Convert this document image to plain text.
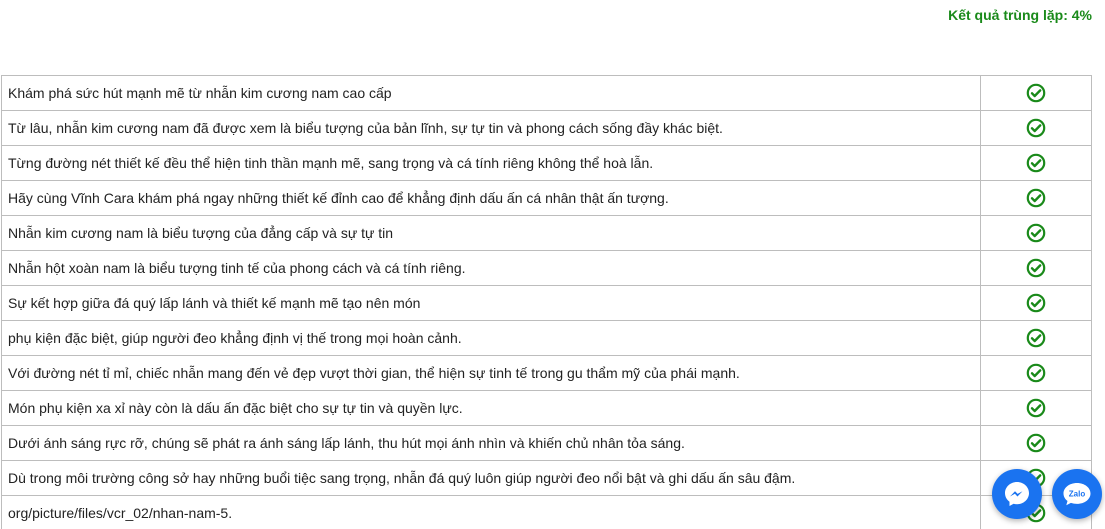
Kết quả trùng lặp: 4%
Khám phá sức hút mạnh mẽ từ nhẫn kim cương nam cao cấp	

Từ lâu, nhẫn kim cương nam đã được xem là biểu tượng của bản lĩnh, sự tự tin và phong cách sống đầy khác biệt.	

Từng đường nét thiết kế đều thể hiện tinh thần mạnh mẽ, sang trọng và cá tính riêng không thể hoà lẫn.	

Hãy cùng Vĩnh Cara khám phá ngay những thiết kế đỉnh cao để khẳng định dấu ấn cá nhân thật ấn tượng.	

Nhẫn kim cương nam là biểu tượng của đẳng cấp và sự tự tin	

Nhẫn hột xoàn nam là biểu tượng tinh tế của phong cách và cá tính riêng.	

Sự kết hợp giữa đá quý lấp lánh và thiết kế mạnh mẽ tạo nên món	

phụ kiện đặc biệt, giúp người đeo khẳng định vị thế trong mọi hoàn cảnh.	

Với đường nét tỉ mỉ, chiếc nhẫn mang đến vẻ đẹp vượt thời gian, thể hiện sự tinh tế trong gu thẩm mỹ của phái mạnh.	

Món phụ kiện xa xỉ này còn là dấu ấn đặc biệt cho sự tự tin và quyền lực.	

Dưới ánh sáng rực rỡ, chúng sẽ phát ra ánh sáng lấp lánh, thu hút mọi ánh nhìn và khiến chủ nhân tỏa sáng.	

Dù trong môi trường công sở hay những buổi tiệc sang trọng, nhẫn đá quý luôn giúp người đeo nổi bật và ghi dấu ấn sâu đậm.	

org/picture/files/vcr_02/nhan-nam-5.	
Zalo
